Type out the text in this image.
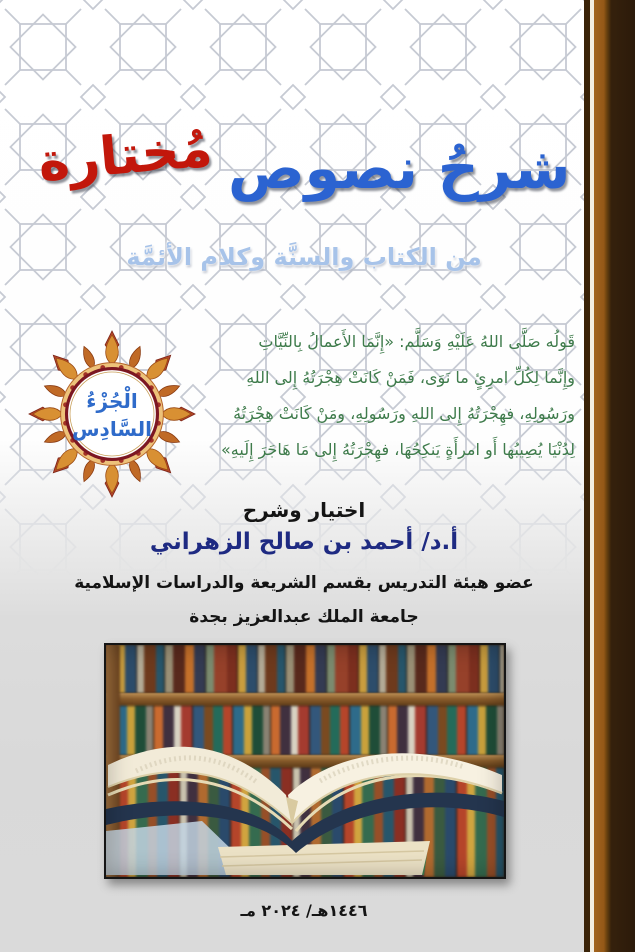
شرحُ نصوصمُختارة
من الكتاب والسنَّة وكلام الأئمَّة
قَولُه صَلَّى اللهُ عَلَيْهِ وَسَلَّم: «إِنَّمَا الأَعمالُ بِالنِّيَّاتِ
وإِنَّما لِكُلِّ امرِئٍ ما نَوَى، فَمَنْ كَانَتْ هِجْرَتُهُ إِلى اللهِ
ورَسُولِهِ، فهِجْرَتُهُ إِلى اللهِ ورَسُولِهِ، ومَنْ كَانَتْ هِجْرَتُهُ
لِدُنْيَا يُصِيبُها أَو امرأَةٍ يَنكِحُهَا، فهِجْرَتُهُ إِلى مَا هَاجَرَ إِلَيهِ»
الْجُزْءُ
السَّادِس
اختيار وشرح
أ.د/ أحمد بن صالح الزهراني
عضو هيئة التدريس بقسم الشريعة والدراسات الإسلامية
جامعة الملك عبدالعزيز بجدة
١٤٤٦هـ/ ٢٠٢٤ مـ
